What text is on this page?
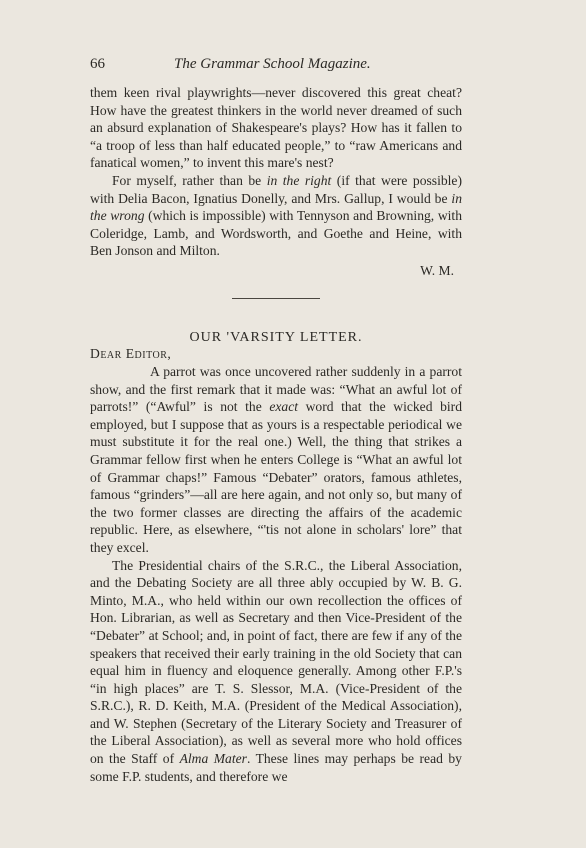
66	The Grammar School Magazine.

them keen rival playwrights—never discovered this great cheat? How have the greatest thinkers in the world never dreamed of such an absurd explanation of Shakespeare's plays? How has it fallen to “a troop of less than half educated people,” to “raw Americans and fanatical women,” to invent this mare's nest?

For myself, rather than be in the right (if that were possible) with Delia Bacon, Ignatius Donelly, and Mrs. Gallup, I would be in the wrong (which is impossible) with Tennyson and Browning, with Coleridge, Lamb, and Wordsworth, and Goethe and Heine, with Ben Jonson and Milton.

W. M.
OUR 'VARSITY LETTER.
Dear Editor,

A parrot was once uncovered rather suddenly in a parrot show, and the first remark that it made was: “What an awful lot of parrots!” (“Awful” is not the exact word that the wicked bird employed, but I suppose that as yours is a respectable periodical we must substitute it for the real one.) Well, the thing that strikes a Grammar fellow first when he enters College is “What an awful lot of Grammar chaps!” Famous “Debater” orators, famous athletes, famous “grinders”—all are here again, and not only so, but many of the two former classes are directing the affairs of the academic republic. Here, as elsewhere, “'tis not alone in scholars' lore” that they excel.

The Presidential chairs of the S.R.C., the Liberal Association, and the Debating Society are all three ably occupied by W. B. G. Minto, M.A., who held within our own recollection the offices of Hon. Librarian, as well as Secretary and then Vice-President of the “Debater” at School; and, in point of fact, there are few if any of the speakers that received their early training in the old Society that can equal him in fluency and eloquence generally. Among other F.P.'s “in high places” are T. S. Slessor, M.A. (Vice-President of the S.R.C.), R. D. Keith, M.A. (President of the Medical Association), and W. Stephen (Secretary of the Literary Society and Treasurer of the Liberal Association), as well as several more who hold offices on the Staff of Alma Mater. These lines may perhaps be read by some F.P. students, and therefore we
